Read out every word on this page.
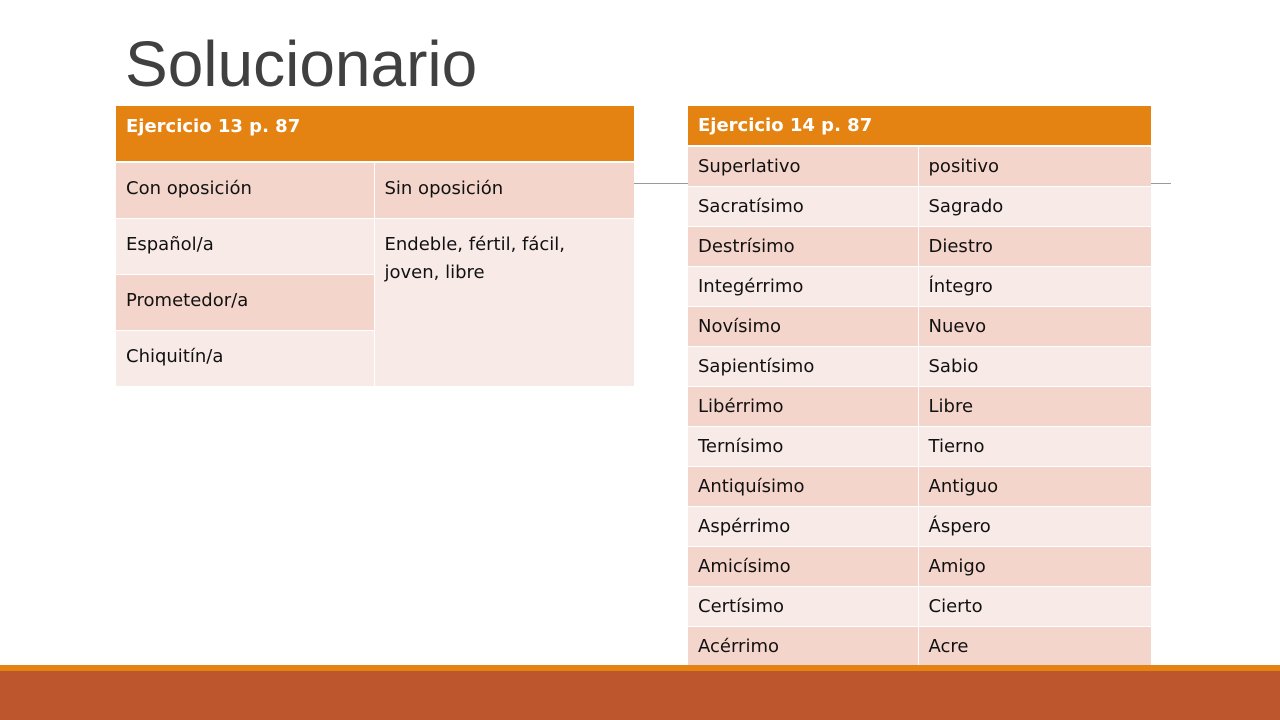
Solucionario
Ejercicio 13 p. 87	
Con oposición	Sin oposición
Español/a	Endeble, fértil, fácil, joven, libre
Prometedor/a	
Chiquitín/a	
Ejercicio 14 p. 87	
Superlativo	positivo
Sacratísimo	Sagrado
Destrísimo	Diestro
Integérrimo	Íntegro
Novísimo	Nuevo
Sapientísimo	Sabio
Libérrimo	Libre
Ternísimo	Tierno
Antiquísimo	Antiguo
Aspérrimo	Áspero
Amicísimo	Amigo
Certísimo	Cierto
Acérrimo	Acre
